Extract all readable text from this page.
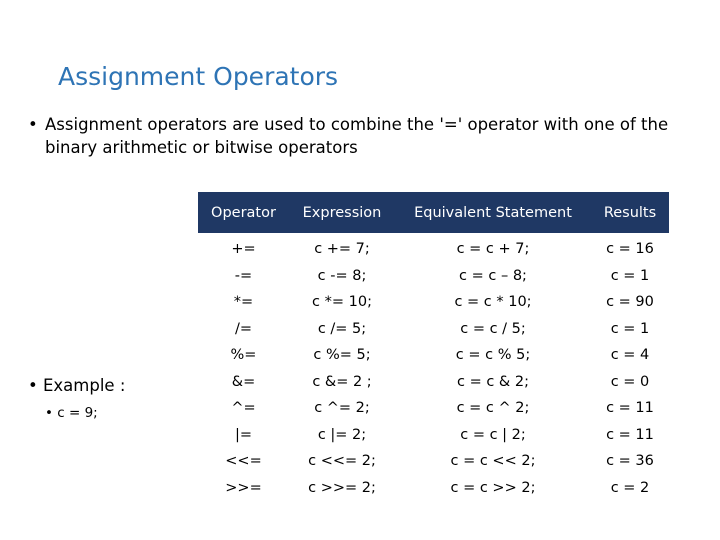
Assignment Operators
• Assignment operators are used to combine the '=' operator with one of the binary arithmetic or bitwise operators
• Example :
• c = 9;
Operator	Expression	Equivalent Statement	Results
+=	c += 7;	c = c + 7;	c = 16
-=	c -= 8;	c = c – 8;	c = 1
*=	c *= 10;	c = c * 10;	c = 90
/=	c /= 5;	c = c / 5;	c = 1
%=	c %= 5;	c = c % 5;	c = 4
&=	c &= 2 ;	c = c & 2;	c = 0
^=	c ^= 2;	c = c ^ 2;	c = 11
|=	c |= 2;	c = c | 2;	c = 11
<<=	c <<= 2;	c = c << 2;	c = 36
>>=	c >>= 2;	c = c >> 2;	c = 2
